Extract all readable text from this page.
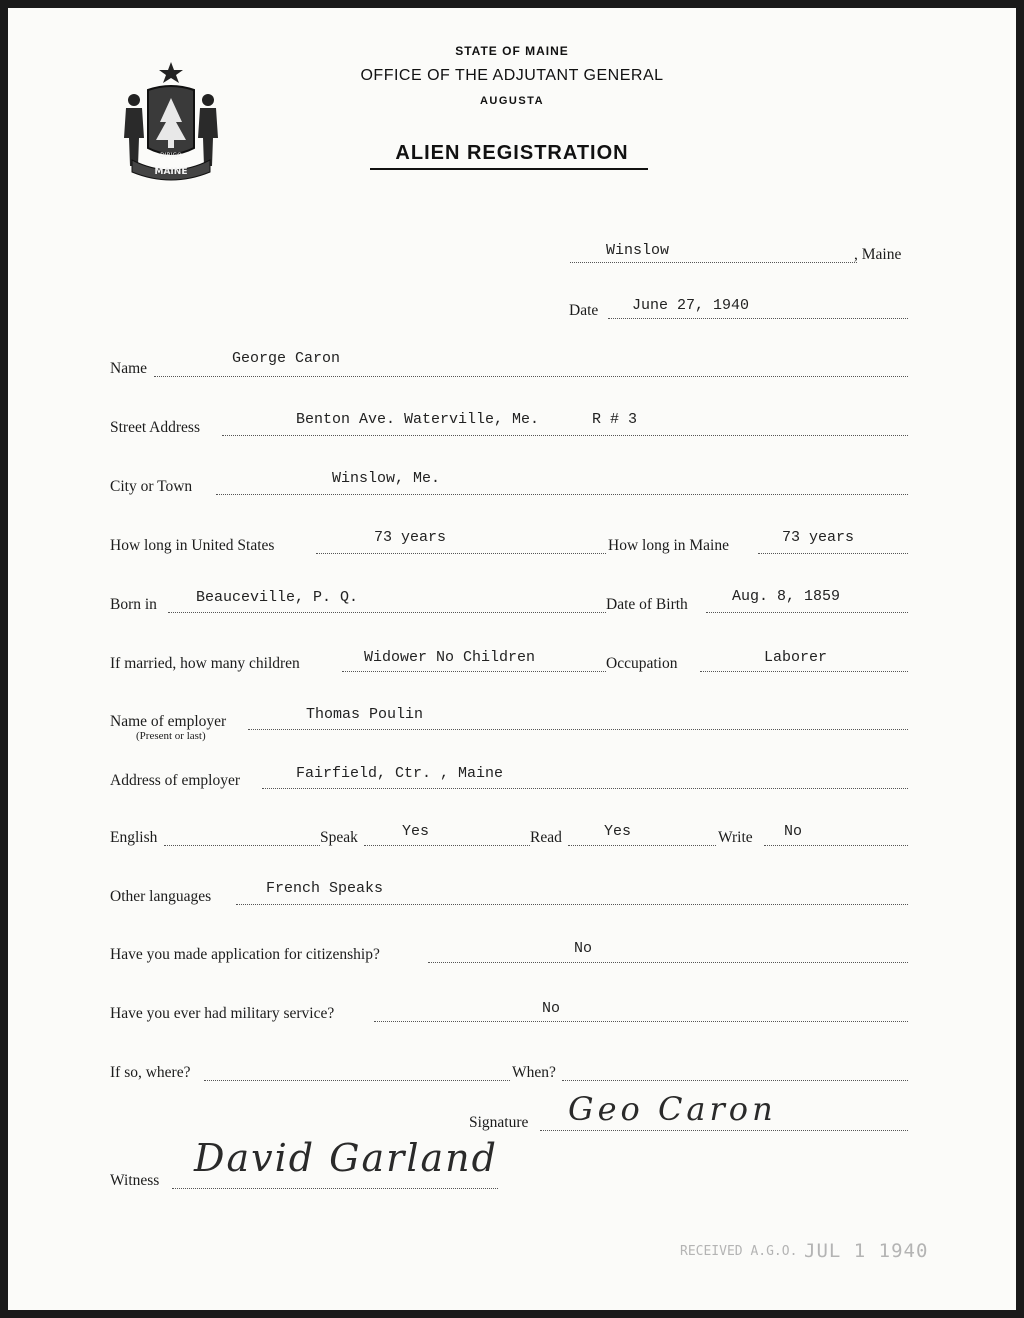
MAINE
DIRIGO
STATE OF MAINE
OFFICE OF THE ADJUTANT GENERAL
AUGUSTA
ALIEN REGISTRATION
Winslow	, Maine
Date June 27, 1940
Name
George Caron
Street Address	Benton Ave. Waterville, Me.	R # 3
City or Town	Winslow, Me.
How long in United States	73 years	How long in Maine	73 years
Born in	Beauceville, P. Q.	Date of Birth	Aug. 8, 1859
If married, how many children	Widower No Children	Occupation	Laborer
Name of employer
(Present or last)
Thomas Poulin
Address of employer	Fairfield, Ctr. , Maine
English	Speak	Yes	Read	Yes	Write No
Other languages	French Speaks
Have you made application for citizenship?	No
Have you ever had military service?	No
If so, where?	When?
Signature Geo Caron
Witness
David Garland
RECEIVED A.G.O. JUL 1 1940
